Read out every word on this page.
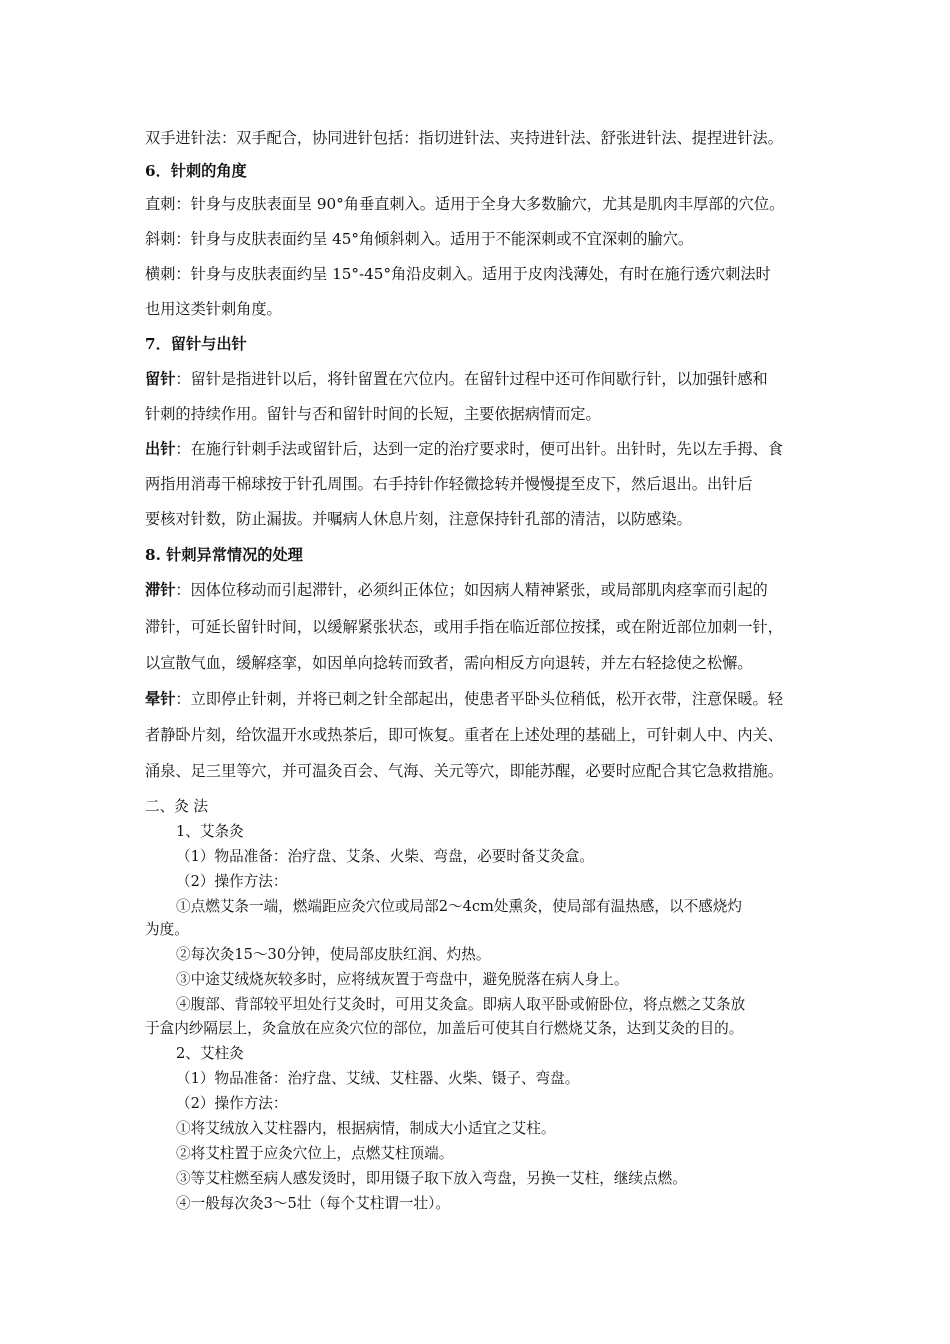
双手进针法：双手配合，协同进针包括：指切进针法、夹持进针法、舒张进针法、提捏进针法。
6．针刺的角度
直刺：针身与皮肤表面呈 90°角垂直刺入。适用于全身大多数腧穴，尤其是肌肉丰厚部的穴位。
斜刺：针身与皮肤表面约呈 45°角倾斜刺入。适用于不能深刺或不宜深刺的腧穴。
横刺：针身与皮肤表面约呈 15°-45°角沿皮刺入。适用于皮肉浅薄处，有时在施行透穴刺法时
也用这类针刺角度。
7．留针与出针
留针：留针是指进针以后，将针留置在穴位内。在留针过程中还可作间歇行针，以加强针感和
针刺的持续作用。留针与否和留针时间的长短，主要依据病情而定。
出针：在施行针刺手法或留针后，达到一定的治疗要求时，便可出针。出针时，先以左手拇、食
两指用消毒干棉球按于针孔周围。右手持针作轻微捻转并慢慢提至皮下，然后退出。出针后
要核对针数，防止漏拔。并嘱病人休息片刻，注意保持针孔部的清洁，以防感染。
8. 针刺异常情况的处理
滞针：因体位移动而引起滞针，必须纠正体位；如因病人精神紧张，或局部肌肉痉挛而引起的
滞针，可延长留针时间，以缓解紧张状态，或用手指在临近部位按揉，或在附近部位加刺一针，
以宣散气血，缓解痉挛，如因单向捻转而致者，需向相反方向退转，并左右轻捻使之松懈。
晕针：立即停止针刺，并将已刺之针全部起出，使患者平卧头位稍低，松开衣带，注意保暖。轻
者静卧片刻，给饮温开水或热茶后，即可恢复。重者在上述处理的基础上，可针刺人中、内关、
涌泉、足三里等穴，并可温灸百会、气海、关元等穴，即能苏醒，必要时应配合其它急救措施。
二、灸 法
1、艾条灸
（1）物品准备：治疗盘、艾条、火柴、弯盘，必要时备艾灸盒。
（2）操作方法：
①点燃艾条一端，燃端距应灸穴位或局部2～4cm处熏灸，使局部有温热感，以不感烧灼
为度。
②每次灸15～30分钟，使局部皮肤红润、灼热。
③中途艾绒烧灰较多时，应将绒灰置于弯盘中，避免脱落在病人身上。
④腹部、背部较平坦处行艾灸时，可用艾灸盒。即病人取平卧或俯卧位，将点燃之艾条放
于盒内纱隔层上，灸盒放在应灸穴位的部位，加盖后可使其自行燃烧艾条，达到艾灸的目的。
2、艾柱灸
（1）物品准备：治疗盘、艾绒、艾柱器、火柴、镊子、弯盘。
（2）操作方法：
①将艾绒放入艾柱器内，根据病情，制成大小适宜之艾柱。
②将艾柱置于应灸穴位上，点燃艾柱顶端。
③等艾柱燃至病人感发烫时，即用镊子取下放入弯盘，另换一艾柱，继续点燃。
④一般每次灸3～5壮（每个艾柱谓一壮）。
